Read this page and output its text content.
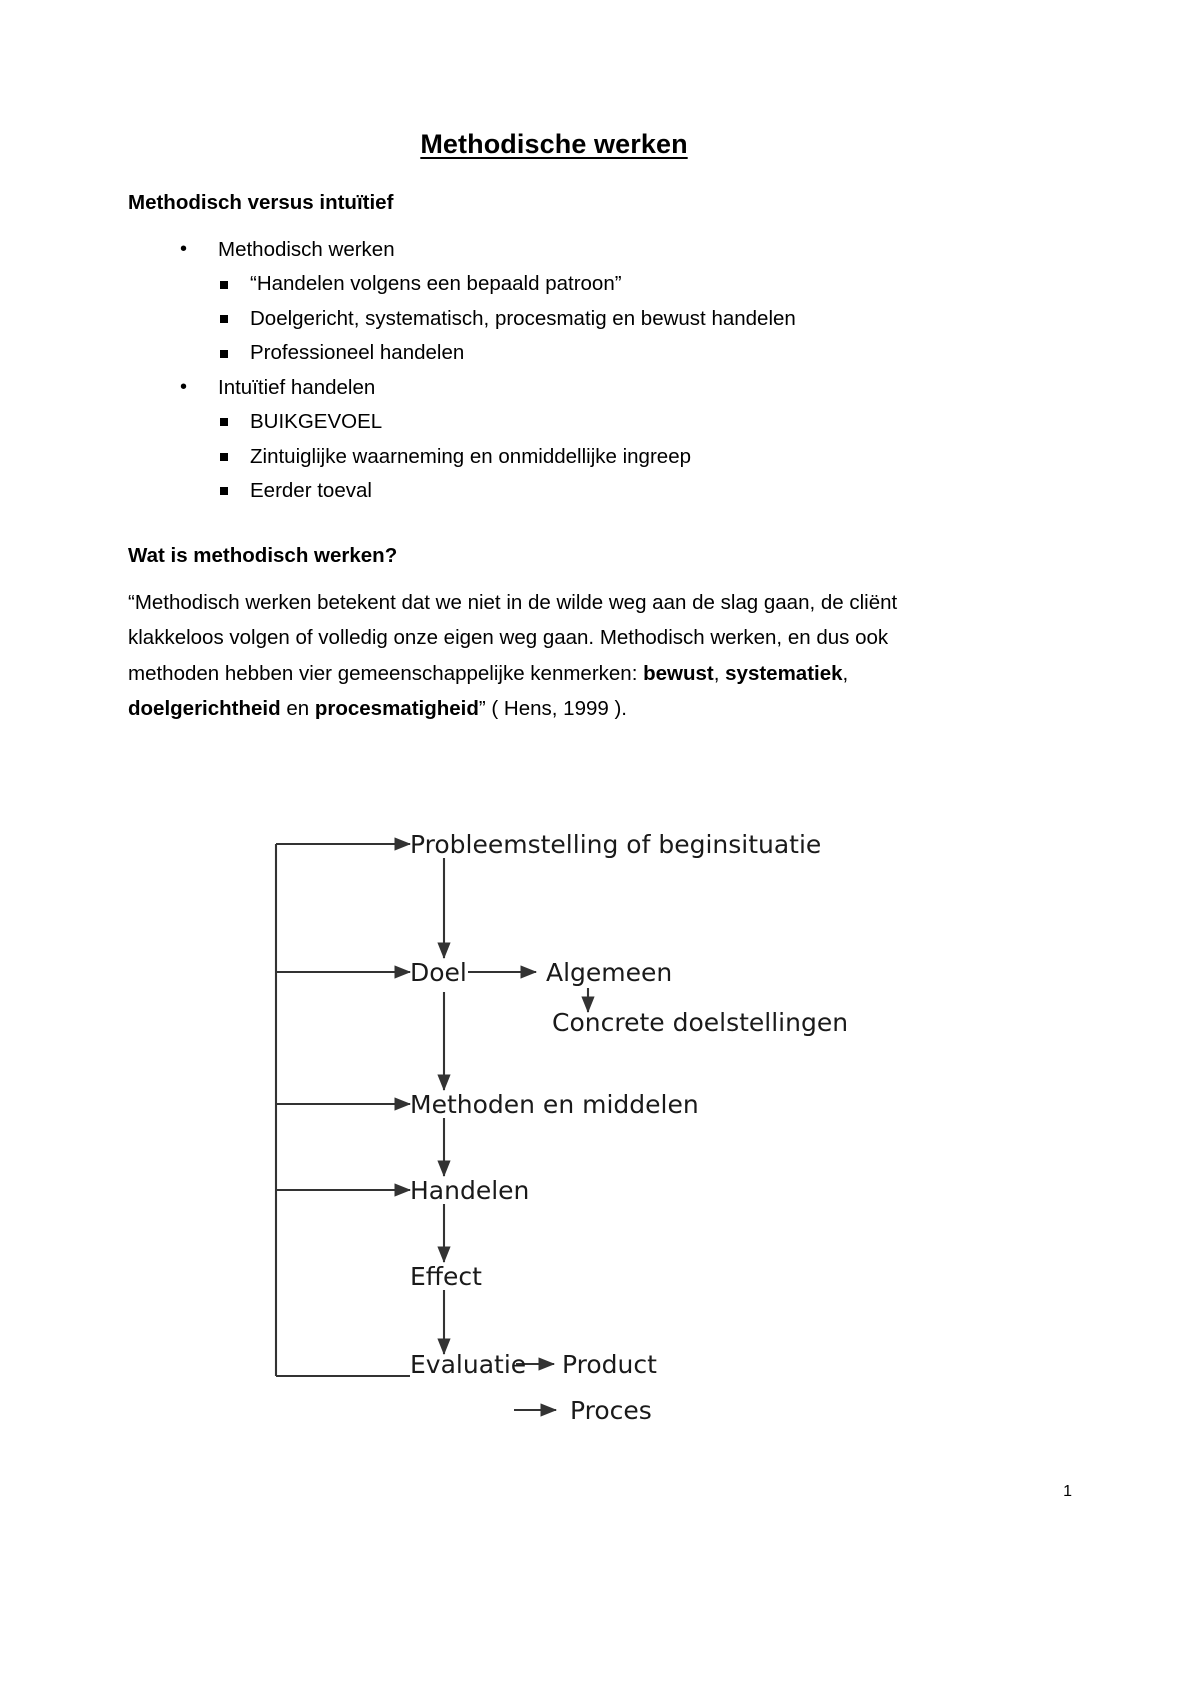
Methodische werken
Methodisch versus intuïtief
• Methodisch werken
“Handelen volgens een bepaald patroon”
Doelgericht, systematisch, procesmatig en bewust handelen
Professioneel handelen
• Intuïtief handelen
BUIKGEVOEL
Zintuiglijke waarneming en onmiddellijke ingreep
Eerder toeval
Wat is methodisch werken?

“Methodisch werken betekent dat we niet in de wilde weg aan de slag gaan, de cliënt klakkeloos volgen of volledig onze eigen weg gaan. Methodisch werken, en dus ook methoden hebben vier gemeenschappelijke kenmerken: bewust, systematiek, doelgerichtheid en procesmatigheid” ( Hens, 1999 ).

Probleemstelling of beginsituatie
Doel	Algemeen
Concrete doelstellingen
Methoden en middelen
Handelen
Effect
Evaluatie Product
Proces
1
